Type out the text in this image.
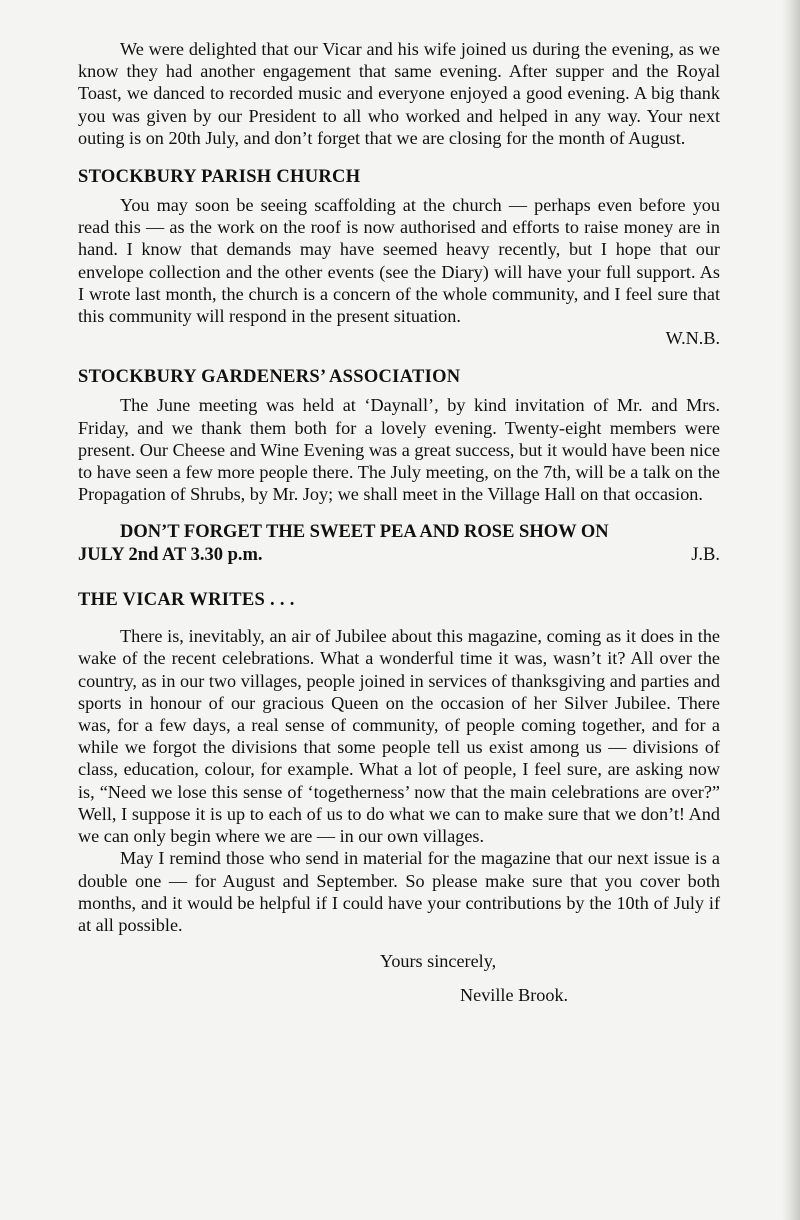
We were delighted that our Vicar and his wife joined us during the evening, as we know they had another engagement that same evening. After supper and the Royal Toast, we danced to recorded music and everyone enjoyed a good evening. A big thank you was given by our President to all who worked and helped in any way. Your next outing is on 20th July, and don’t forget that we are closing for the month of August.

STOCKBURY PARISH CHURCH

You may soon be seeing scaffolding at the church — perhaps even before you read this — as the work on the roof is now authorised and efforts to raise money are in hand. I know that demands may have seemed heavy recently, but I hope that our envelope collection and the other events (see the Diary) will have your full support. As I wrote last month, the church is a concern of the whole community, and I feel sure that this community will respond in the present situation.

W.N.B.
STOCKBURY GARDENERS’ ASSOCIATION

The June meeting was held at ‘Daynall’, by kind invitation of Mr. and Mrs. Friday, and we thank them both for a lovely evening. Twenty-eight members were present. Our Cheese and Wine Evening was a great success, but it would have been nice to have seen a few more people there. The July meeting, on the 7th, will be a talk on the Propagation of Shrubs, by Mr. Joy; we shall meet in the Village Hall on that occasion.

DON’T FORGET THE SWEET PEA AND ROSE SHOW ON
JULY 2nd AT 3.30 p.m.	J.B.
THE VICAR WRITES . . .

There is, inevitably, an air of Jubilee about this magazine, coming as it does in the wake of the recent celebrations. What a wonderful time it was, wasn’t it? All over the country, as in our two villages, people joined in services of thanksgiving and parties and sports in honour of our gracious Queen on the occasion of her Silver Jubilee. There was, for a few days, a real sense of community, of people coming together, and for a while we forgot the divisions that some people tell us exist among us — divisions of class, education, colour, for example. What a lot of people, I feel sure, are asking now is, “Need we lose this sense of ‘togetherness’ now that the main celebrations are over?” Well, I suppose it is up to each of us to do what we can to make sure that we don’t! And we can only begin where we are — in our own villages.

May I remind those who send in material for the magazine that our next issue is a double one — for August and September. So please make sure that you cover both months, and it would be helpful if I could have your contributions by the 10th of July if at all possible.

Yours sincerely,
Neville Brook.
